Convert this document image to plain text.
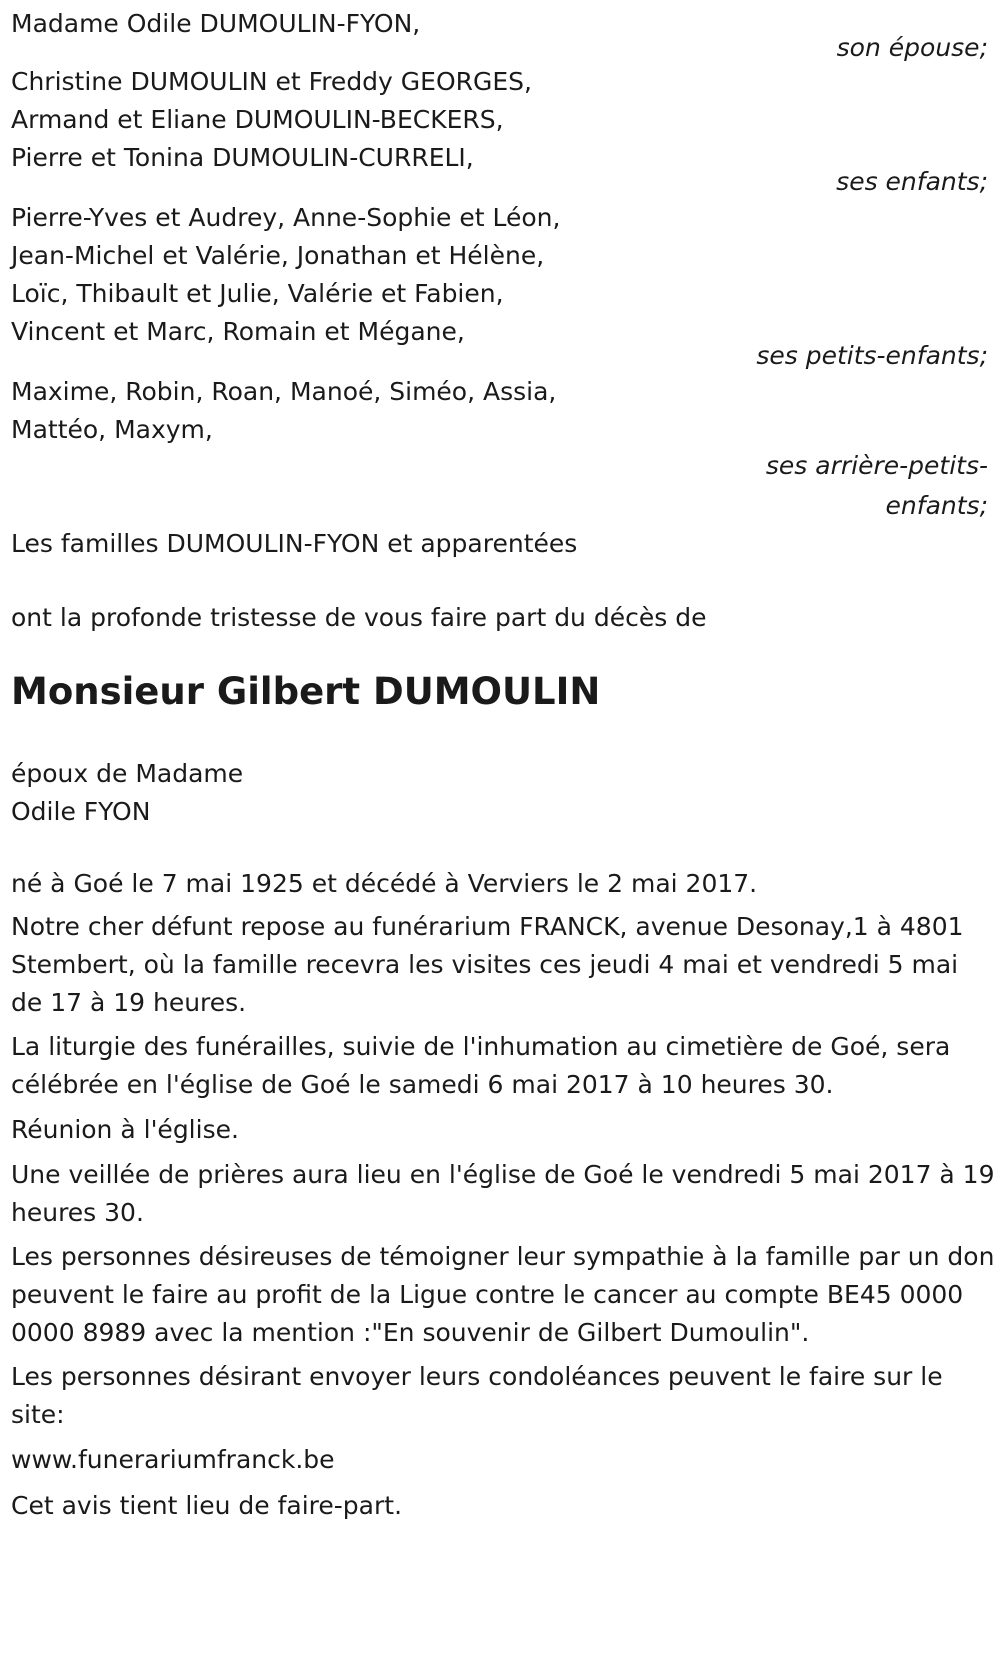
Madame Odile DUMOULIN-FYON,
son épouse;
Christine DUMOULIN et Freddy GEORGES,
Armand et Eliane DUMOULIN-BECKERS,
Pierre et Tonina DUMOULIN-CURRELI,
ses enfants;
Pierre-Yves et Audrey, Anne-Sophie et Léon,
Jean-Michel et Valérie, Jonathan et Hélène,
Loïc, Thibault et Julie, Valérie et Fabien,
Vincent et Marc, Romain et Mégane,
ses petits-enfants;
Maxime, Robin, Roan, Manoé, Siméo, Assia,
Mattéo, Maxym,
ses arrière-petits-
enfants;
Les familles DUMOULIN-FYON et apparentées
ont la profonde tristesse de vous faire part du décès de
Monsieur Gilbert DUMOULIN
époux de Madame
Odile FYON
né à Goé le 7 mai 1925 et décédé à Verviers le 2 mai 2017.
Notre cher défunt repose au funérarium FRANCK, avenue Desonay,1 à 4801 Stembert, où la famille recevra les visites ces jeudi 4 mai et vendredi 5 mai de 17 à 19 heures.
La liturgie des funérailles, suivie de l'inhumation au cimetière de Goé, sera célébrée en l'église de Goé le samedi 6 mai 2017 à 10 heures 30.
Réunion à l'église.
Une veillée de prières aura lieu en l'église de Goé le vendredi 5 mai 2017 à 19 heures 30.
Les personnes désireuses de témoigner leur sympathie à la famille par un don peuvent le faire au profit de la Ligue contre le cancer au compte BE45 0000 0000 8989 avec la mention :"En souvenir de Gilbert Dumoulin".
Les personnes désirant envoyer leurs condoléances peuvent le faire sur le site:
www.funerariumfranck.be
Cet avis tient lieu de faire-part.
